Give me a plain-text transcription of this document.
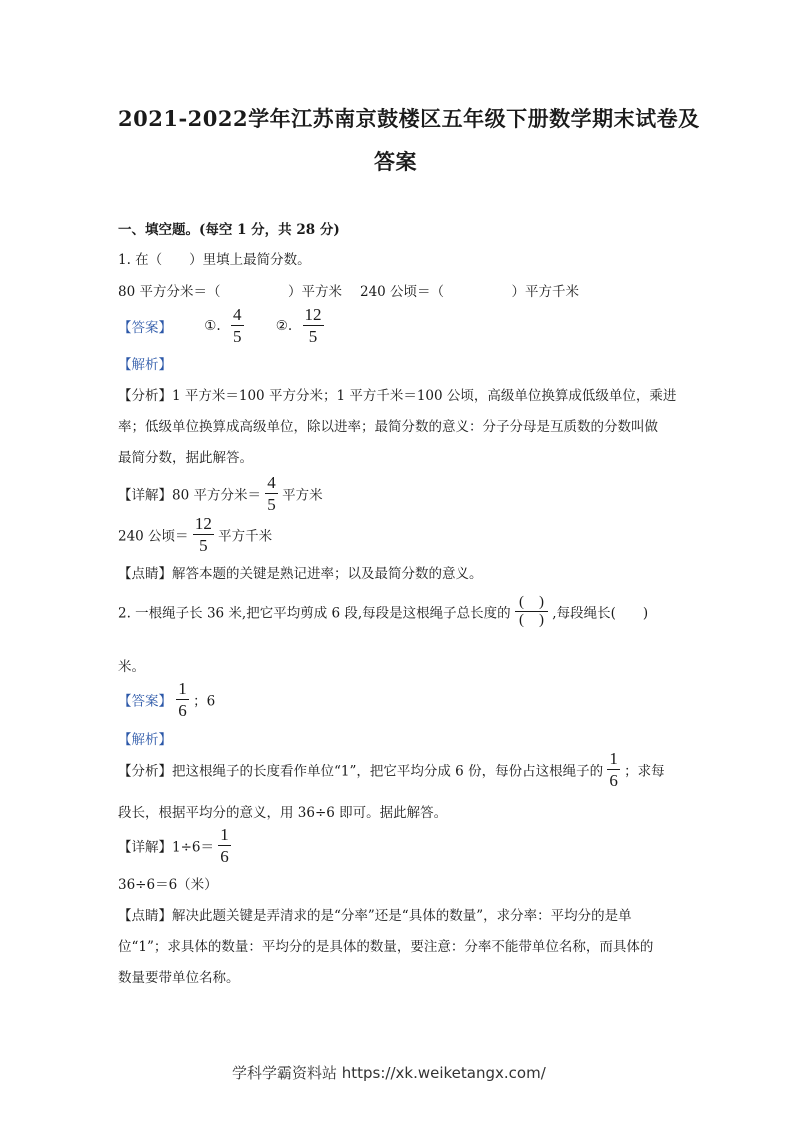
2021-2022学年江苏南京鼓楼区五年级下册数学期末试卷及
答案
一、填空题。(每空 1 分，共 28 分)
1. 在（　　）里填上最简分数。
80 平方分米＝（　　　　　）平方米 240 公顷＝（　　　　　）平方千米
【答案】 ①. $\frac{4}{5}$ ②. $\frac{12}{5}$
【解析】
【分析】1 平方米＝100 平方分米；1 平方千米＝100 公顷，高级单位换算成低级单位，乘进
率；低级单位换算成高级单位，除以进率；最简分数的意义：分子分母是互质数的分数叫做
最简分数，据此解答。
【详解】80 平方分米＝ $\frac{4}{5}$ 平方米
240 公顷＝ $\frac{12}{5}$ 平方千米
【点睛】解答本题的关键是熟记进率；以及最简分数的意义。
2. 一根绳子长 36 米,把它平均剪成 6 段,每段是这根绳子总长度的 $\frac{( )}{( )}$ ,每段绳长(　　)
米。
【答案】 $\frac{1}{6}$ ；6
【解析】
【分析】把这根绳子的长度看作单位“1”，把它平均分成 6 份，每份占这根绳子的 $\frac{1}{6}$ ；求每
段长，根据平均分的意义，用 36÷6 即可。据此解答。
【详解】$1\div 6= \frac{1}{6}$
36÷6＝6（米）
【点睛】解决此题关键是弄清求的是“分率”还是“具体的数量”，求分率：平均分的是单
位“1”；求具体的数量：平均分的是具体的数量，要注意：分率不能带单位名称，而具体的
数量要带单位名称。
学科学霸资料站 https://xk.weiketangx.com/
